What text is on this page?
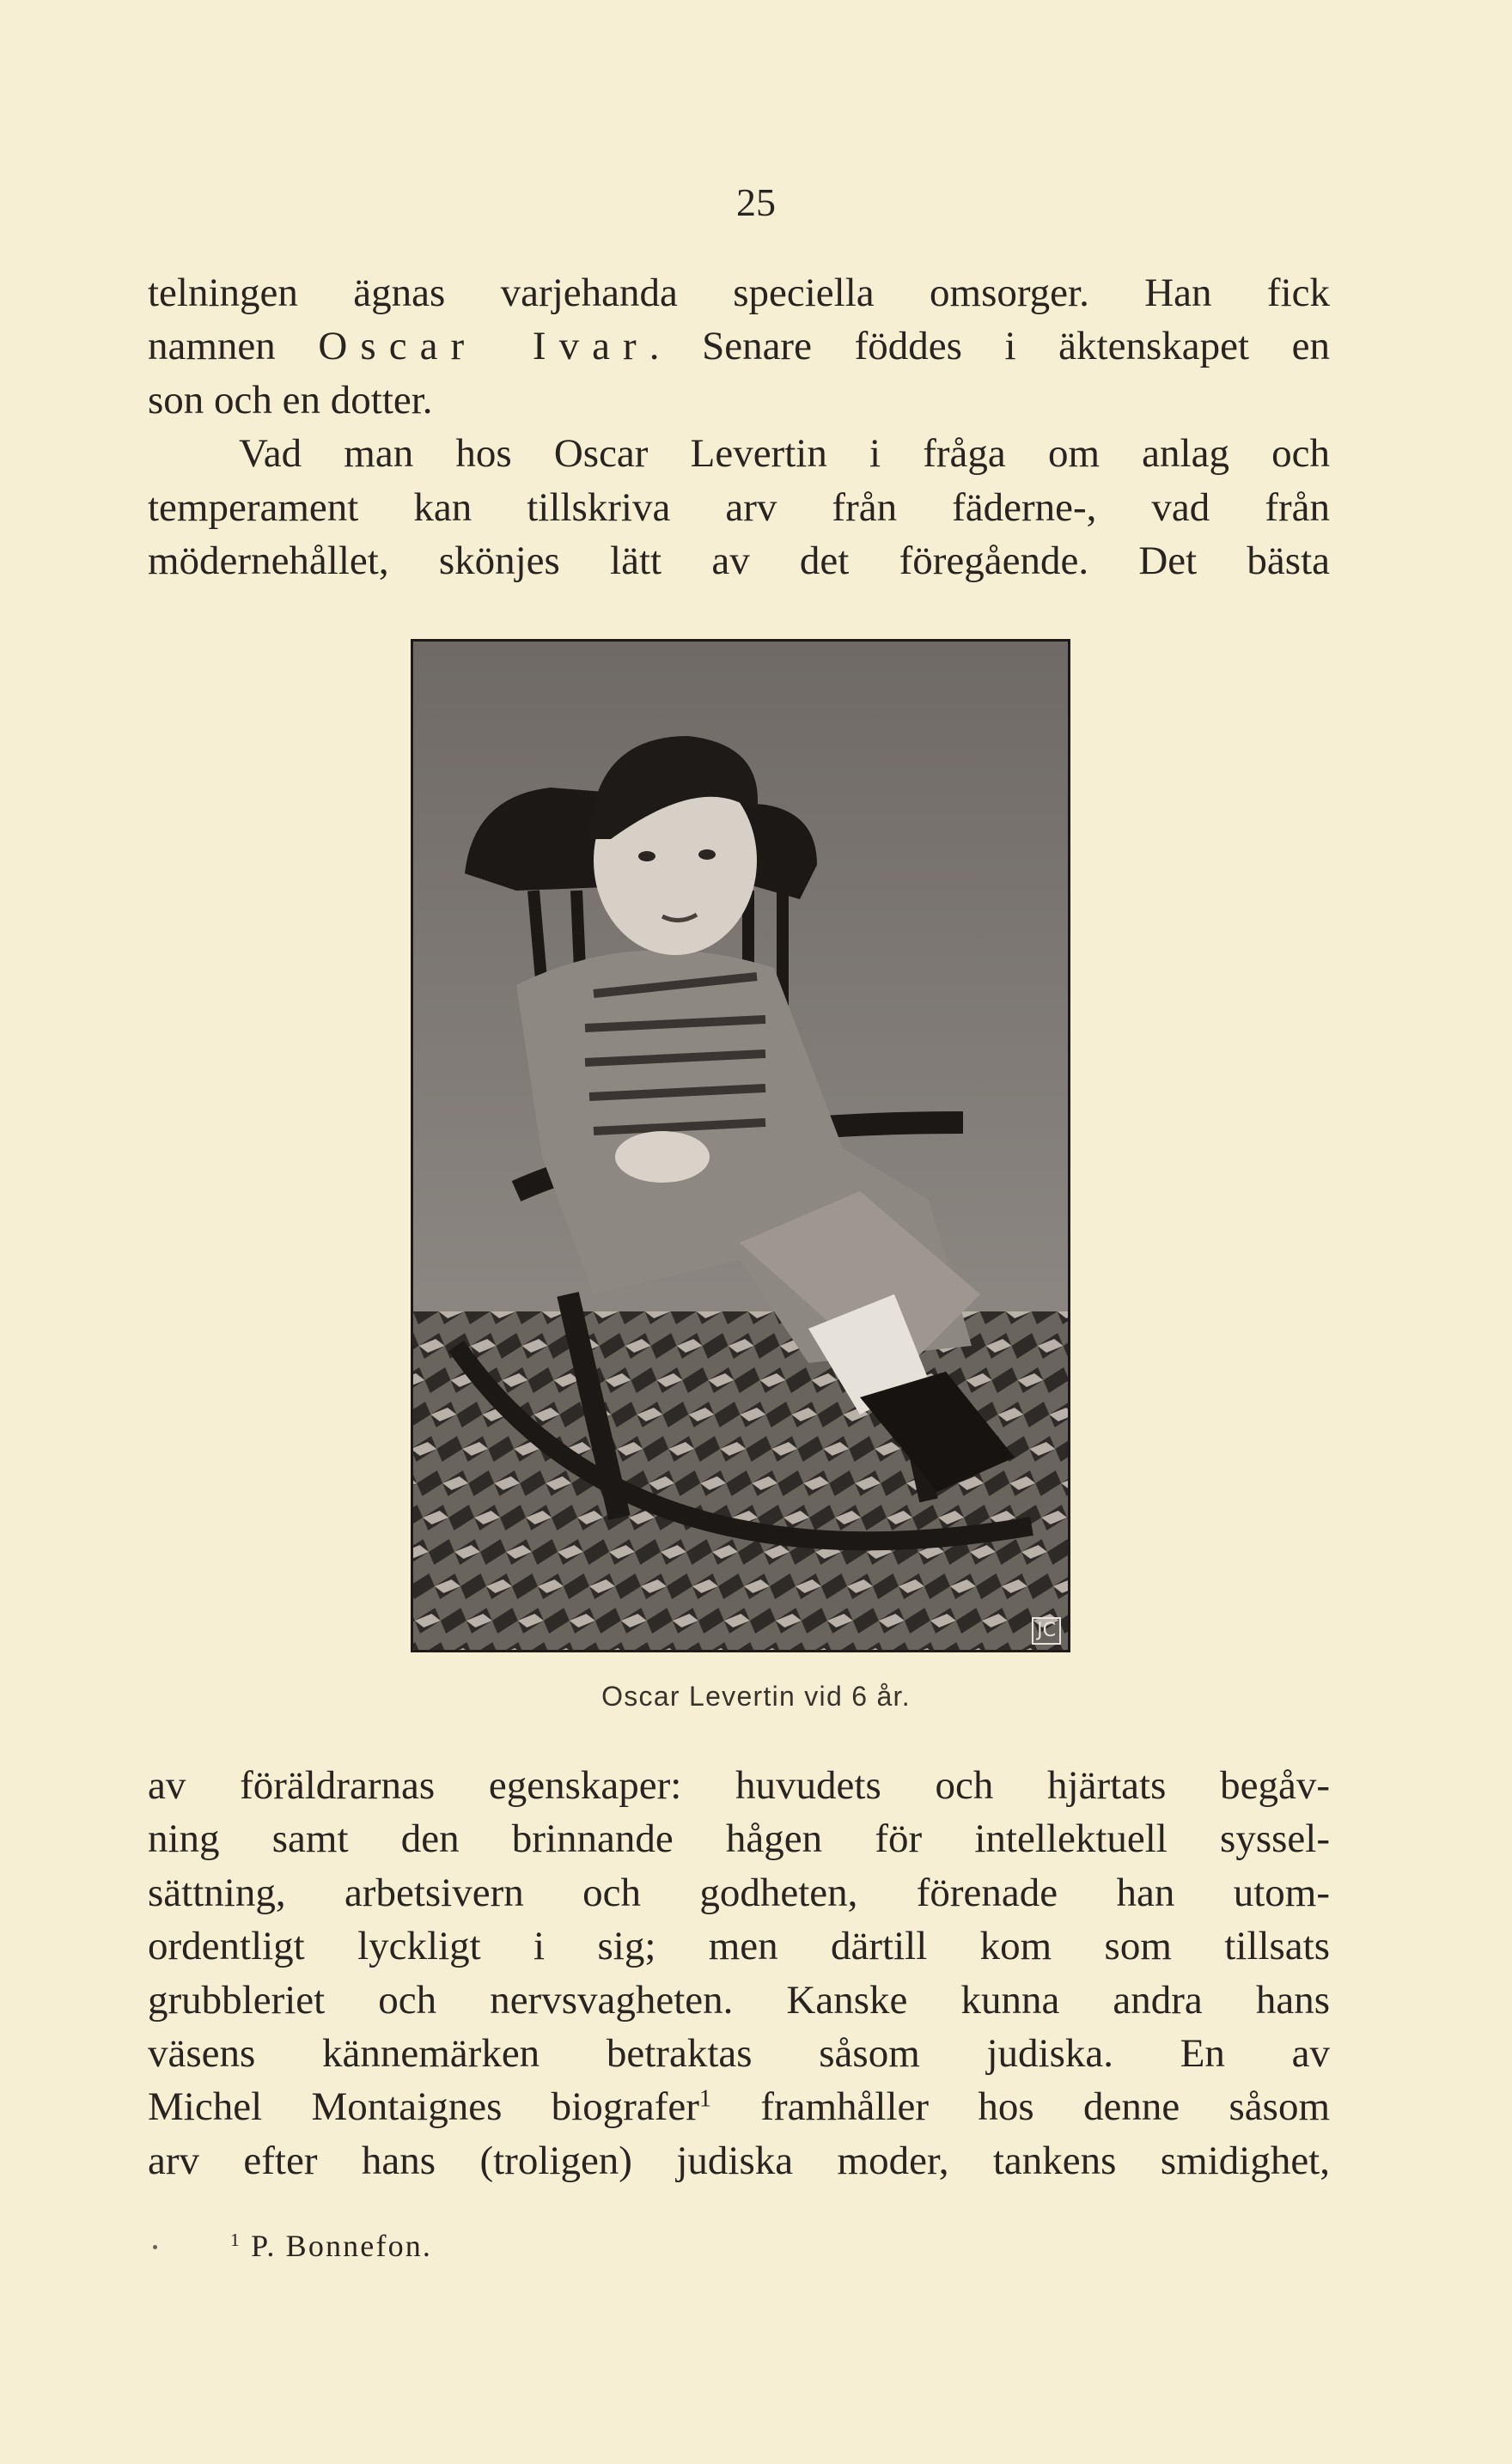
25
telningen ägnas varjehanda speciella omsorger. Han fick
namnen Oscar Ivar. Senare föddes i äktenskapet en
son och en dotter.
Vad man hos Oscar Levertin i fråga om anlag och
temperament kan tillskriva arv från fäderne-, vad från
mödernehållet, skönjes lätt av det föregående. Det bästa
JC
Oscar Levertin vid 6 år.
av föräldrarnas egenskaper: huvudets och hjärtats begåv-
ning samt den brinnande hågen för intellektuell syssel-
sättning, arbetsivern och godheten, förenade han utom-
ordentligt lyckligt i sig; men därtill kom som tillsats
grubbleriet och nervsvagheten. Kanske kunna andra hans
väsens kännemärken betraktas såsom judiska. En av
Michel Montaignes biografer$^1$ framhåller hos denne såsom
arv efter hans (troligen) judiska moder, tankens smidighet,
$^1$ P. Bonnefon.
